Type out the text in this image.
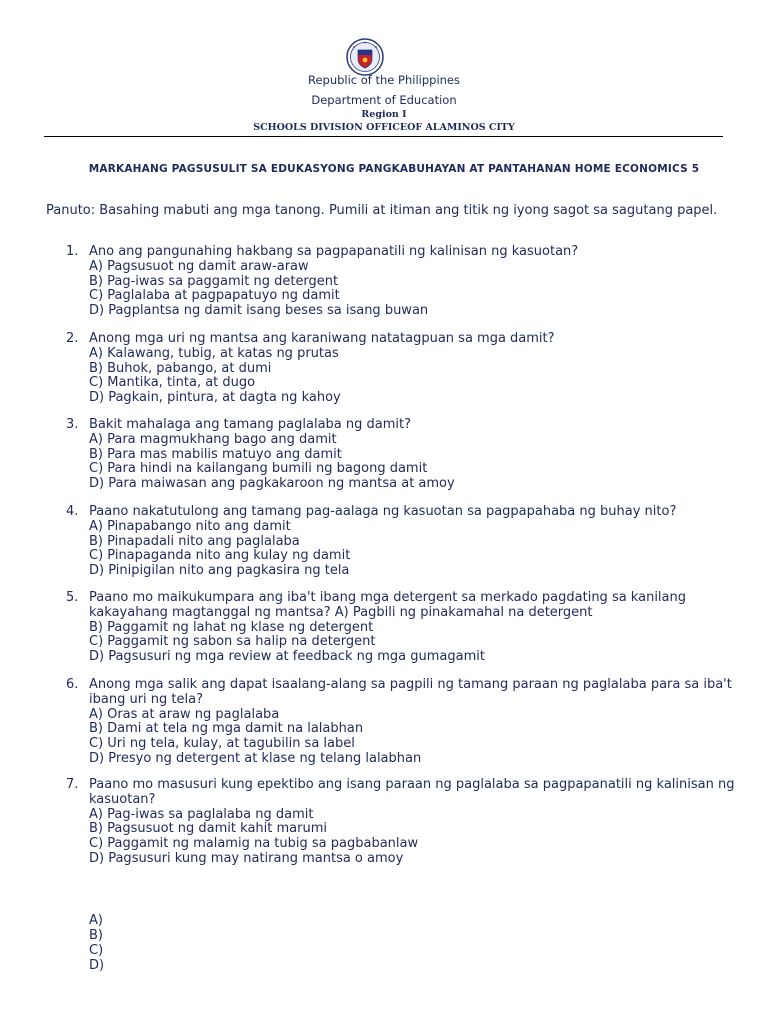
Republic of the Philippines
Department of Education
Region I
SCHOOLS DIVISION OFFICEOF ALAMINOS CITY
MARKAHANG PAGSUSULIT SA EDUKASYONG PANGKABUHAYAN AT PANTAHANAN HOME ECONOMICS 5
Panuto: Basahing mabuti ang mga tanong. Pumili at itiman ang titik ng iyong sagot sa sagutang papel.
1. Ano ang pangunahing hakbang sa pagpapanatili ng kalinisan ng kasuotan?
A) Pagsusuot ng damit araw-araw
B) Pag-iwas sa paggamit ng detergent
C) Paglalaba at pagpapatuyo ng damit
D) Pagplantsa ng damit isang beses sa isang buwan
2. Anong mga uri ng mantsa ang karaniwang natatagpuan sa mga damit?
A) Kalawang, tubig, at katas ng prutas
B) Buhok, pabango, at dumi
C) Mantika, tinta, at dugo
D) Pagkain, pintura, at dagta ng kahoy
3. Bakit mahalaga ang tamang paglalaba ng damit?
A) Para magmukhang bago ang damit
B) Para mas mabilis matuyo ang damit
C) Para hindi na kailangang bumili ng bagong damit
D) Para maiwasan ang pagkakaroon ng mantsa at amoy
4. Paano nakatutulong ang tamang pag-aalaga ng kasuotan sa pagpapahaba ng buhay nito?
A) Pinapabango nito ang damit
B) Pinapadali nito ang paglalaba
C) Pinapaganda nito ang kulay ng damit
D) Pinipigilan nito ang pagkasira ng tela
5. Paano mo maikukumpara ang iba't ibang mga detergent sa merkado pagdating sa kanilang kakayahang magtanggal ng mantsa? A) Pagbili ng pinakamahal na detergent
B) Paggamit ng lahat ng klase ng detergent
C) Paggamit ng sabon sa halip na detergent
D) Pagsusuri ng mga review at feedback ng mga gumagamit
6. Anong mga salik ang dapat isaalang-alang sa pagpili ng tamang paraan ng paglalaba para sa iba't ibang uri ng tela?
A) Oras at araw ng paglalaba
B) Dami at tela ng mga damit na lalabhan
C) Uri ng tela, kulay, at tagubilin sa label
D) Presyo ng detergent at klase ng telang lalabhan
7. Paano mo masusuri kung epektibo ang isang paraan ng paglalaba sa pagpapanatili ng kalinisan ng kasuotan?
A) Pag-iwas sa paglalaba ng damit
B) Pagsusuot ng damit kahit marumi
C) Paggamit ng malamig na tubig sa pagbabanlaw
D) Pagsusuri kung may natirang mantsa o amoy
A)
B)
C)
D)
